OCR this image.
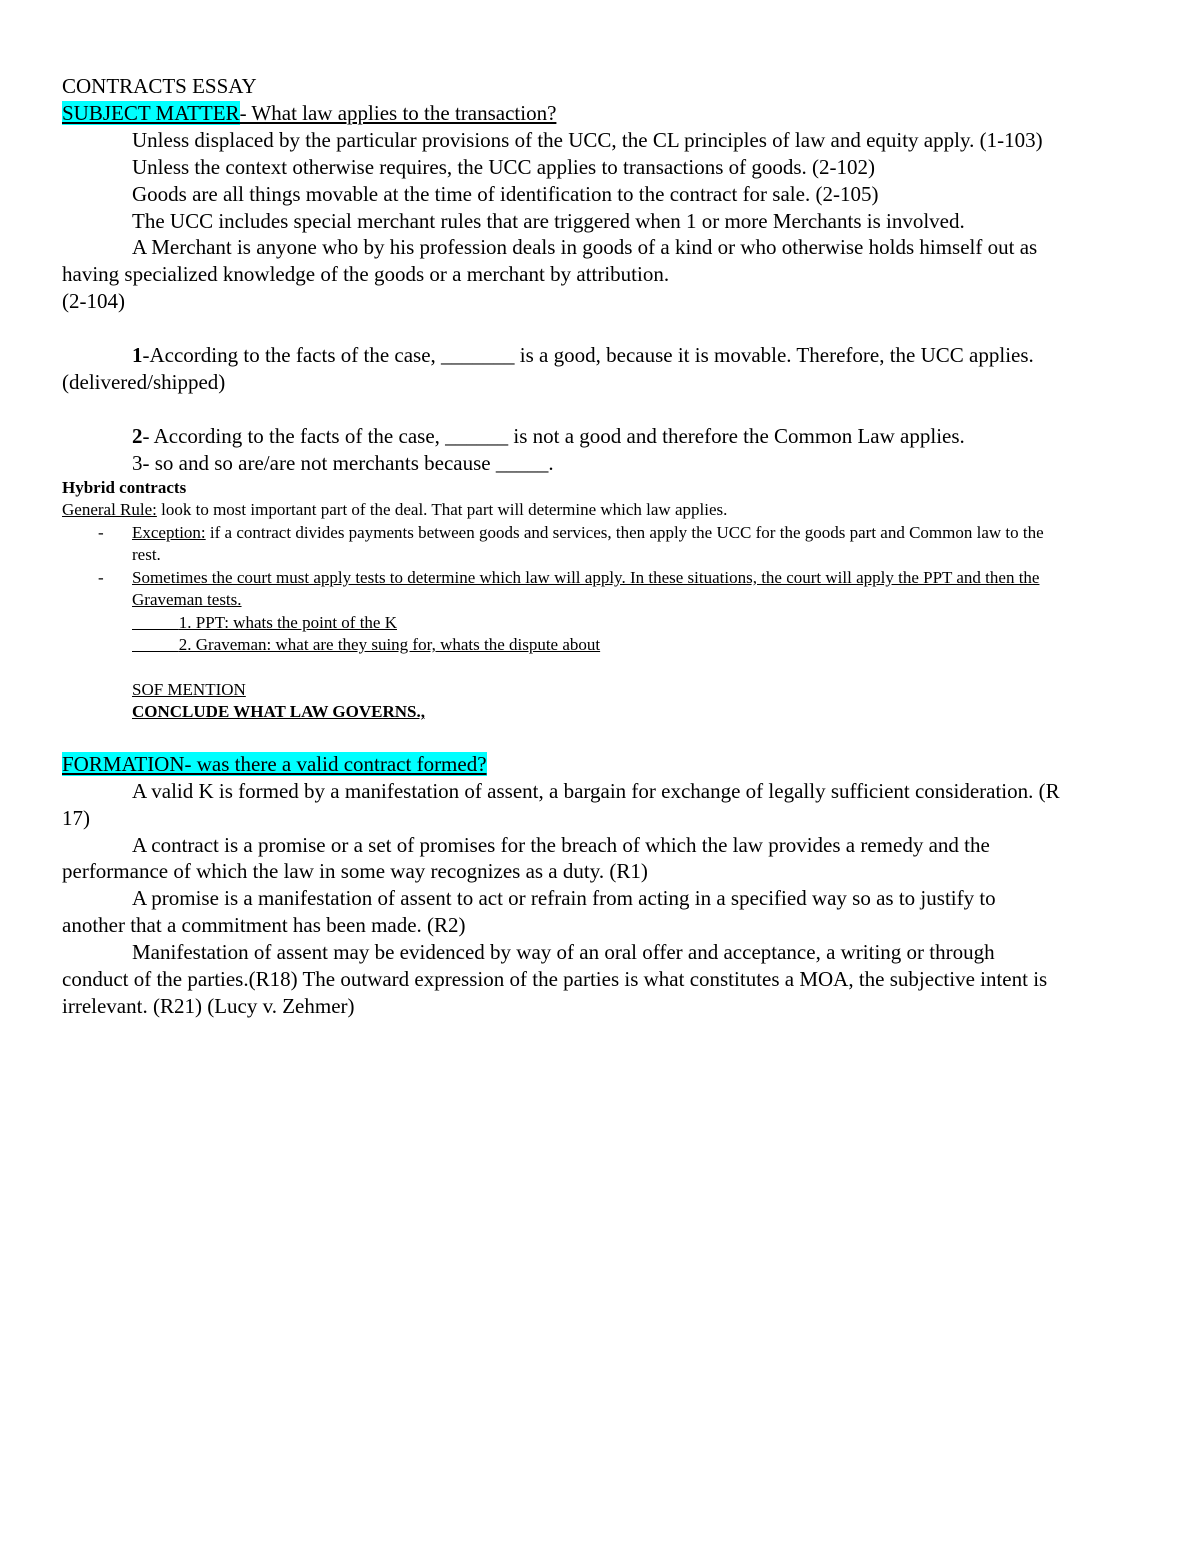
CONTRACTS ESSAY

SUBJECT MATTER- What law applies to the transaction?

Unless displaced by the particular provisions of the UCC, the CL principles of law and equity apply. (1-103)

Unless the context otherwise requires, the UCC applies to transactions of goods. (2-102)

Goods are all things movable at the time of identification to the contract for sale. (2-105)

The UCC includes special merchant rules that are triggered when 1 or more Merchants is involved.

A Merchant is anyone who by his profession deals in goods of a kind or who otherwise holds himself out as having specialized knowledge of the goods or a merchant by attribution.

(2-104)

1-According to the facts of the case, _______ is a good, because it is movable. Therefore, the UCC applies. (delivered/shipped)

2- According to the facts of the case, ______ is not a good and therefore the Common Law applies.

3- so and so are/are not merchants because _____.

Hybrid contracts

General Rule: look to most important part of the deal. That part will determine which law applies.

- Exception: if a contract divides payments between goods and services, then apply the UCC for the goods part and Common law to the rest.

- Sometimes the court must apply tests to determine which law will apply. In these situations, the court will apply the PPT and then the Graveman tests.

1. PPT: whats the point of the K

2. Graveman: what are they suing for, whats the dispute about

SOF MENTION

CONCLUDE WHAT LAW GOVERNS.,

FORMATION- was there a valid contract formed?

A valid K is formed by a manifestation of assent, a bargain for exchange of legally sufficient consideration. (R 17)

A contract is a promise or a set of promises for the breach of which the law provides a remedy and the performance of which the law in some way recognizes as a duty. (R1)

A promise is a manifestation of assent to act or refrain from acting in a specified way so as to justify to another that a commitment has been made. (R2)

Manifestation of assent may be evidenced by way of an oral offer and acceptance, a writing or through conduct of the parties.(R18) The outward expression of the parties is what constitutes a MOA, the subjective intent is irrelevant. (R21) (Lucy v. Zehmer)
